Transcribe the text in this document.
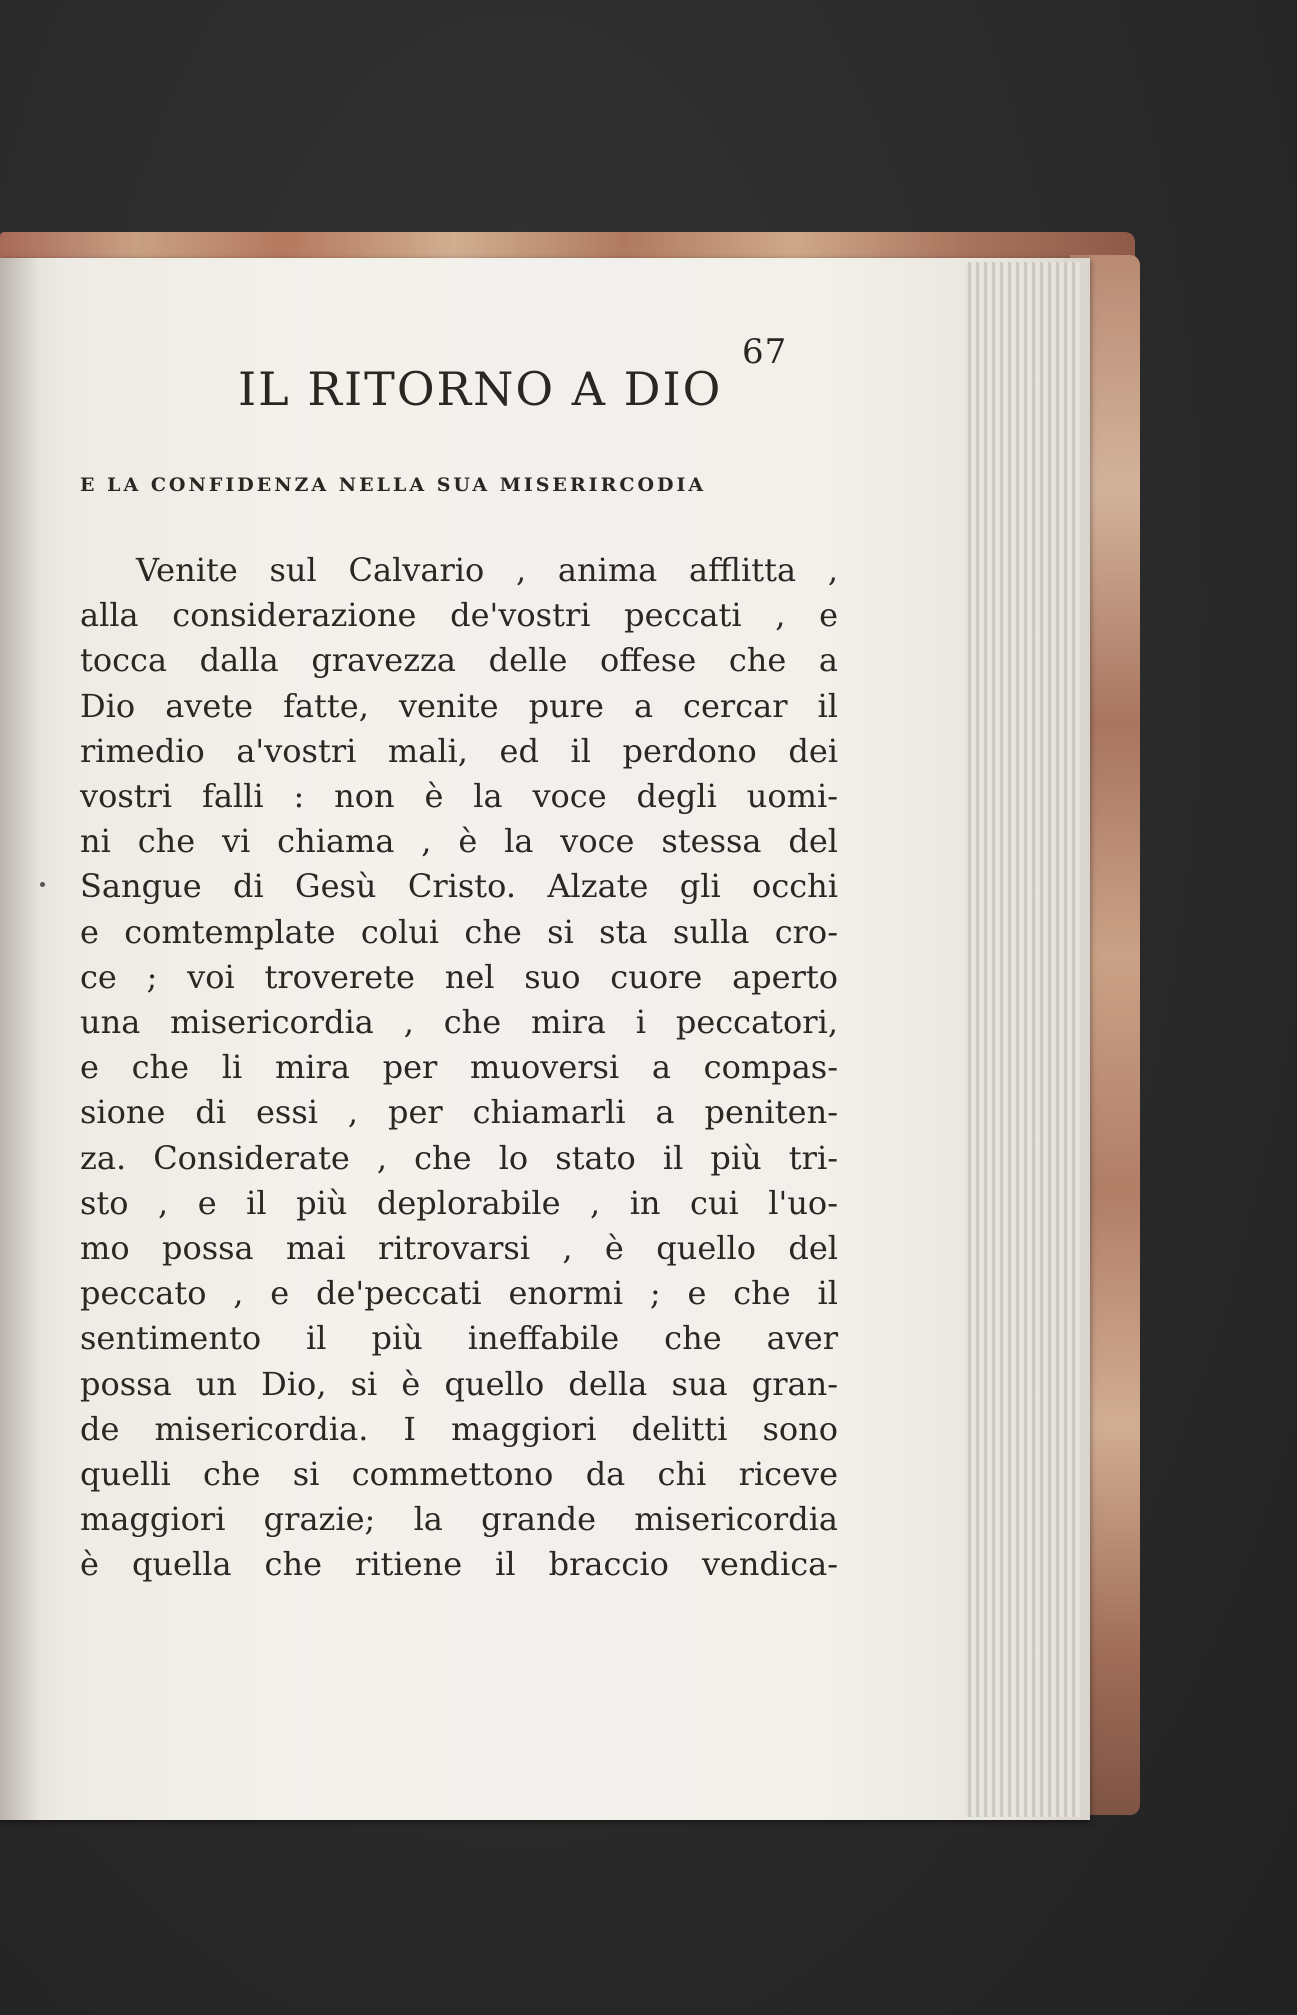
67
IL RITORNO A DIO
E LA CONFIDENZA NELLA SUA MISERIRCODIA
Venite sul Calvario , anima afflitta ,
alla considerazione de'vostri peccati , e
tocca dalla gravezza delle offese che a
Dio avete fatte, venite pure a cercar il
rimedio a'vostri mali, ed il perdono dei
vostri falli : non è la voce degli uomi-
ni che vi chiama , è la voce stessa del
Sangue di Gesù Cristo. Alzate gli occhi
e comtemplate colui che si sta sulla cro-
ce ; voi troverete nel suo cuore aperto
una misericordia , che mira i peccatori,
e che li mira per muoversi a compas-
sione di essi , per chiamarli a peniten-
za. Considerate , che lo stato il più tri-
sto , e il più deplorabile , in cui l'uo-
mo possa mai ritrovarsi , è quello del
peccato , e de'peccati enormi ; e che il
sentimento il più ineffabile che aver
possa un Dio, si è quello della sua gran-
de misericordia. I maggiori delitti sono
quelli che si commettono da chi riceve
maggiori grazie; la grande misericordia
è quella che ritiene il braccio vendica-
